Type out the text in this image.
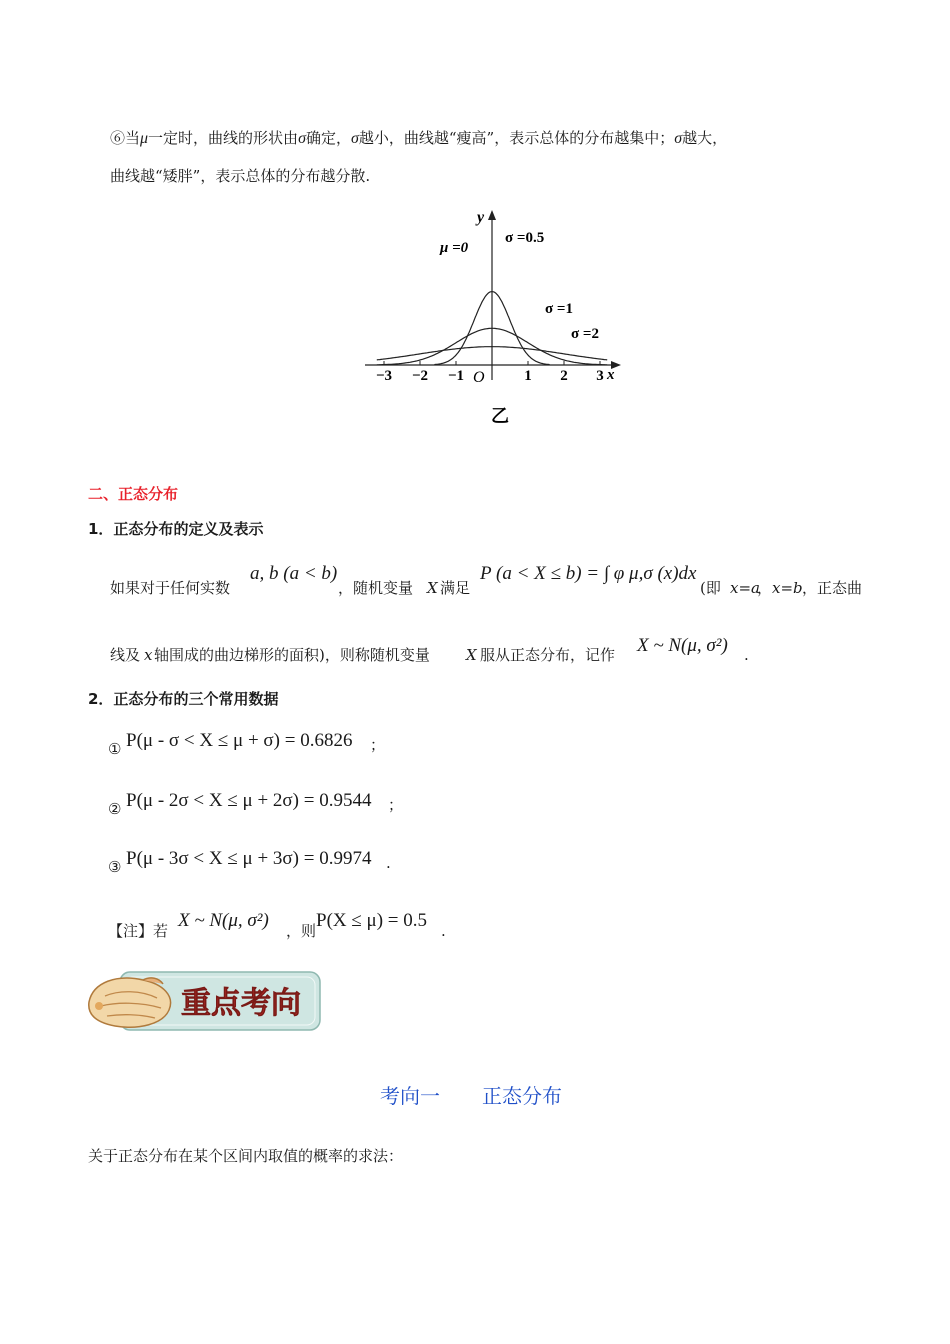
⑥当μ一定时，曲线的形状由σ确定，σ越小，曲线越“瘦高”，表示总体的分布越集中；σ越大，
曲线越“矮胖”，表示总体的分布越分散.
−3 −2 −1	1 2 3
y
x
O
μ =0
σ =0.5
σ =1
σ =2
乙
二、正态分布
1．正态分布的定义及表示
如果对于任何实数
a, b (a < b)
，随机变量 X 满足
P (a < X ≤ b) = ∫ φ μ,σ (x)dx
(即 x=a
， x=b ，正态曲
线及 x 轴围成的曲边梯形的面积)，则称随机变量 X 服从正态分布，记作 X ~ N(μ, σ²) .
2．正态分布的三个常用数据
① P(μ - σ < X ≤ μ + σ) = 0.6826 ；
② P(μ - 2σ < X ≤ μ + 2σ) = 0.9544 ；
③ P(μ - 3σ < X ≤ μ + 3σ) = 0.9974 .
【注】若 X ~ N(μ, σ²) ，则 P(X ≤ μ) = 0.5 .
重点考向
考向一 正态分布
关于正态分布在某个区间内取值的概率的求法：
